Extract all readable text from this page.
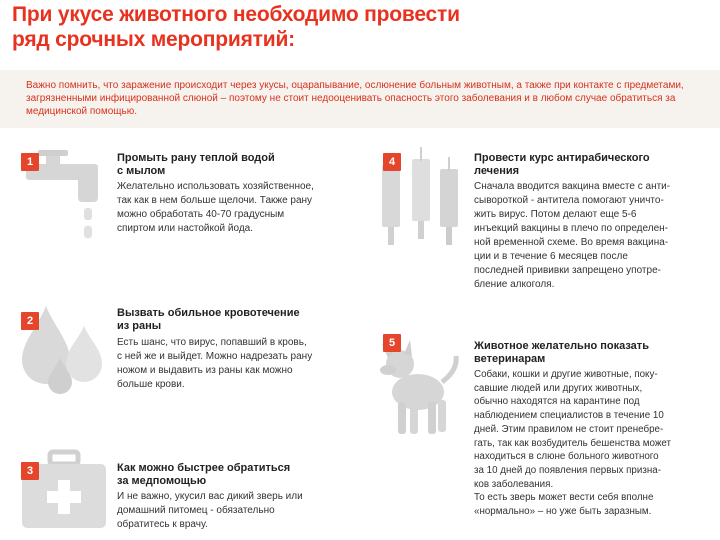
При укусе животного необходимо провести
ряд срочных мероприятий:

Важно помнить, что заражение происходит через укусы, оцарапывание, ослюнение больным животным, а также при контакте с предметами, загрязненными инфицированной слюной – поэтому не стоит недооценивать опасность этого заболевания и в любом случае обратиться за медицинской помощью.

1	Промыть рану теплой водой
с мылом
Желательно использовать хозяйственное,
так как в нем больше щелочи. Также рану
можно обработать 40-70 градусным
спиртом или настойкой йода.
2
Вызвать обильное кровотечение
из раны
Есть шанс, что вирус, попавший в кровь,
с ней же и выйдет. Можно надрезать рану
ножом и выдавить из раны как можно
больше крови.
3	Как можно быстрее обратиться
за медпомощью
И не важно, укусил вас дикий зверь или
домашний питомец - обязательно
обратитесь к врачу.
4	Провести курс антирабического
лечения
Сначала вводится вакцина вместе с анти-
сывороткой - антитела помогают уничто-
жить вирус. Потом делают еще 5-6
инъекций вакцины в плечо по определен-
ной временной схеме. Во время вакцина-
ции и в течение 6 месяцев после
последней прививки запрещено употре-
бление алкоголя.
5	Животное желательно показать
ветеринарам
Собаки, кошки и другие животные, поку-
савшие людей или других животных,
обычно находятся на карантине под
наблюдением специалистов в течение 10
дней. Этим правилом не стоит пренебре-
гать, так как возбудитель бешенства может
находиться в слюне больного животного
за 10 дней до появления первых призна-
ков заболевания.
То есть зверь может вести себя вполне
«нормально» – но уже быть заразным.
